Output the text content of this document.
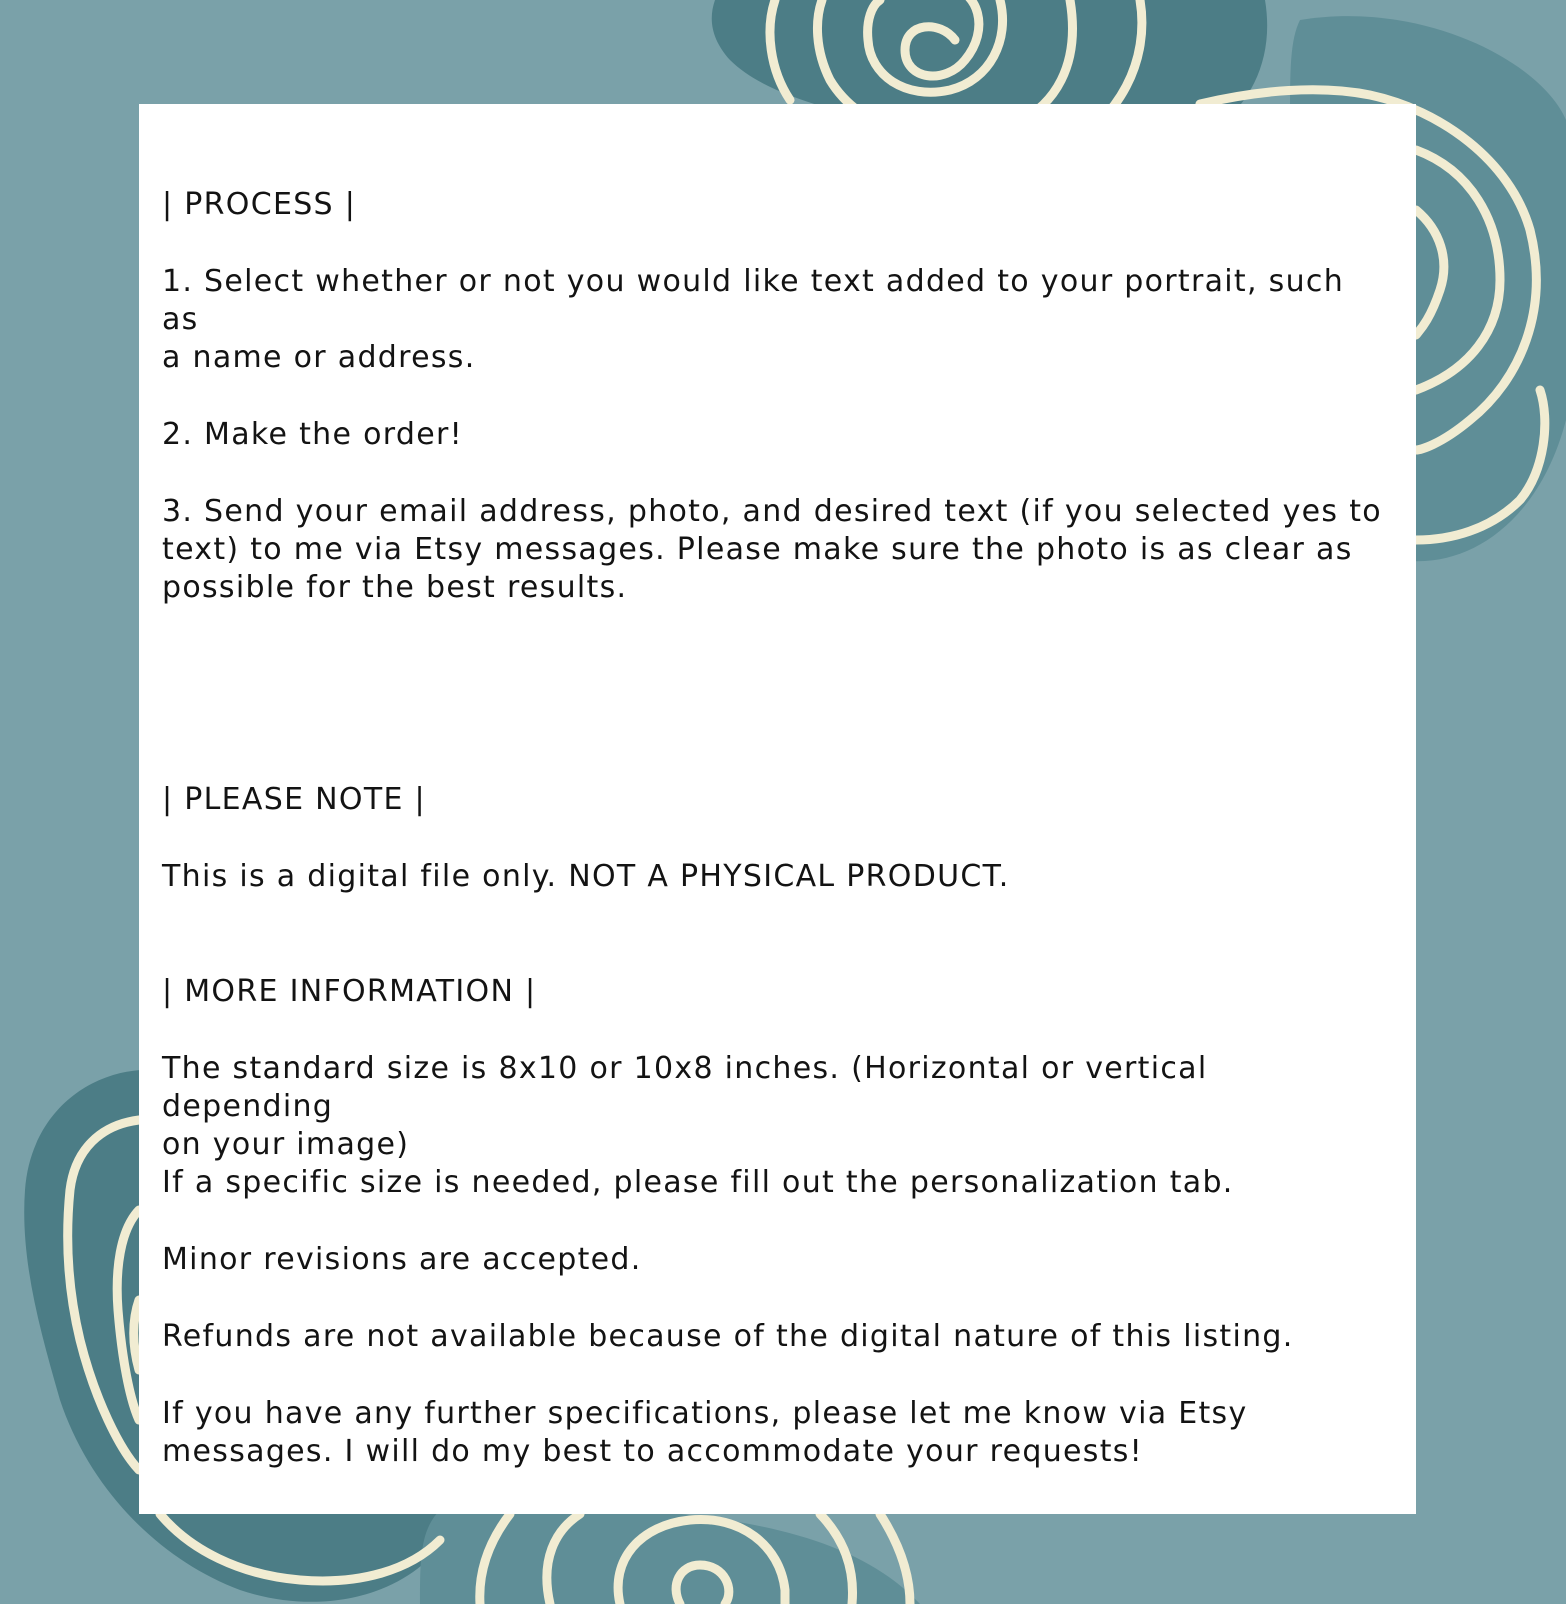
| PROCESS |

1. Select whether or not you would like text added to your portrait, such as
a name or address.

2. Make the order!

3. Send your email address, photo, and desired text (if you selected yes to
text) to me via Etsy messages. Please make sure the photo is as clear as
possible for the best results.

| PLEASE NOTE |

This is a digital file only. NOT A PHYSICAL PRODUCT.

| MORE INFORMATION |

The standard size is 8x10 or 10x8 inches. (Horizontal or vertical depending
on your image)
If a specific size is needed, please fill out the personalization tab.

Minor revisions are accepted.

Refunds are not available because of the digital nature of this listing.

If you have any further specifications, please let me know via Etsy
messages. I will do my best to accommodate your requests!
